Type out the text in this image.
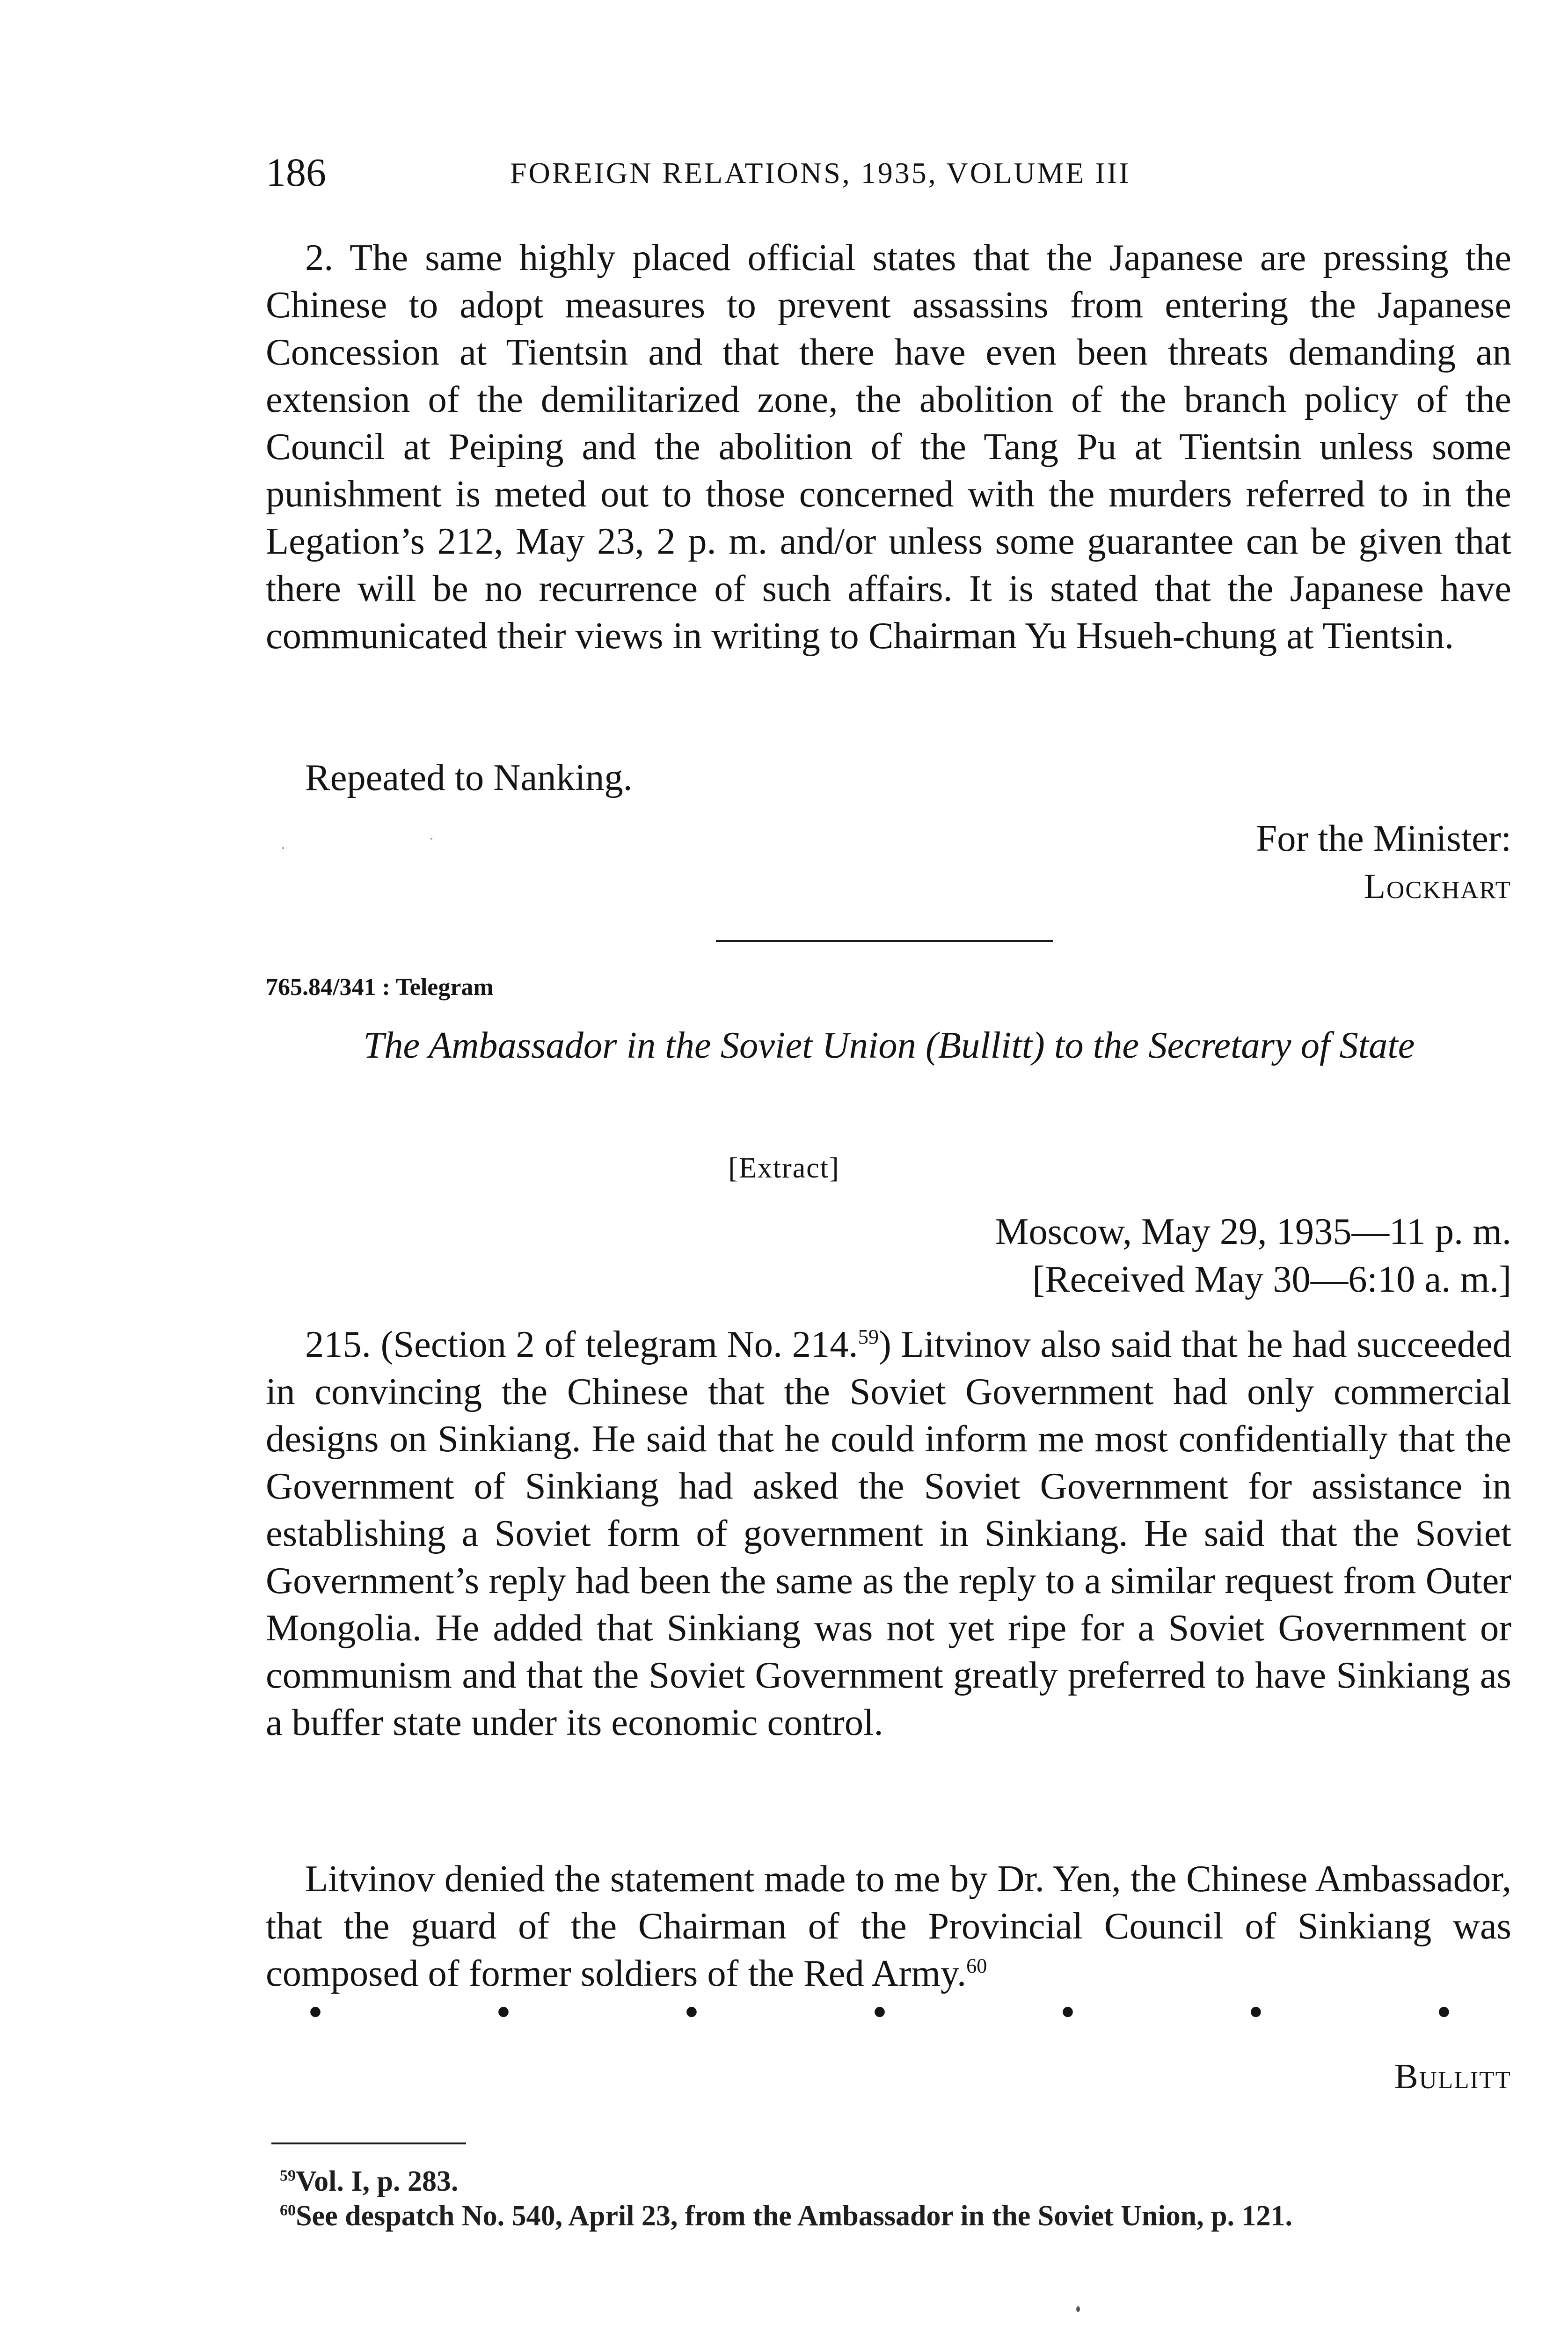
186	FOREIGN RELATIONS, 1935, VOLUME III

2. The same highly placed official states that the Japanese are pressing the Chinese to adopt measures to prevent assassins from entering the Japanese Concession at Tientsin and that there have even been threats demanding an extension of the demilitarized zone, the abolition of the branch policy of the Council at Peiping and the abolition of the Tang Pu at Tientsin unless some punishment is meted out to those concerned with the murders referred to in the Legation’s 212, May 23, 2 p. m. and/or unless some guarantee can be given that there will be no recurrence of such affairs. It is stated that the Japanese have communicated their views in writing to Chairman Yu Hsueh-chung at Tientsin.

Repeated to Nanking.

For the Minister:
Lockhart
765.84/341 : Telegram
The Ambassador in the Soviet Union (Bullitt) to the Secretary of State
[Extract]
Moscow, May 29, 1935—11 p. m.
[Received May 30—6:10 a. m.]

215. (Section 2 of telegram No. 214.59) Litvinov also said that he had succeeded in convincing the Chinese that the Soviet Government had only commercial designs on Sinkiang. He said that he could inform me most confidentially that the Government of Sinkiang had asked the Soviet Government for assistance in establishing a Soviet form of government in Sinkiang. He said that the Soviet Government’s reply had been the same as the reply to a similar request from Outer Mongolia. He added that Sinkiang was not yet ripe for a Soviet Government or communism and that the Soviet Government greatly preferred to have Sinkiang as a buffer state under its economic control.

Litvinov denied the statement made to me by Dr. Yen, the Chinese Ambassador, that the guard of the Chairman of the Provincial Council of Sinkiang was composed of former soldiers of the Red Army.$^{60}$

•	•	•	•	•	•	•
Bullitt

$^{59}$Vol. I, p. 283.

$^{60}$See despatch No. 540, April 23, from the Ambassador in the Soviet Union, p. 121.
